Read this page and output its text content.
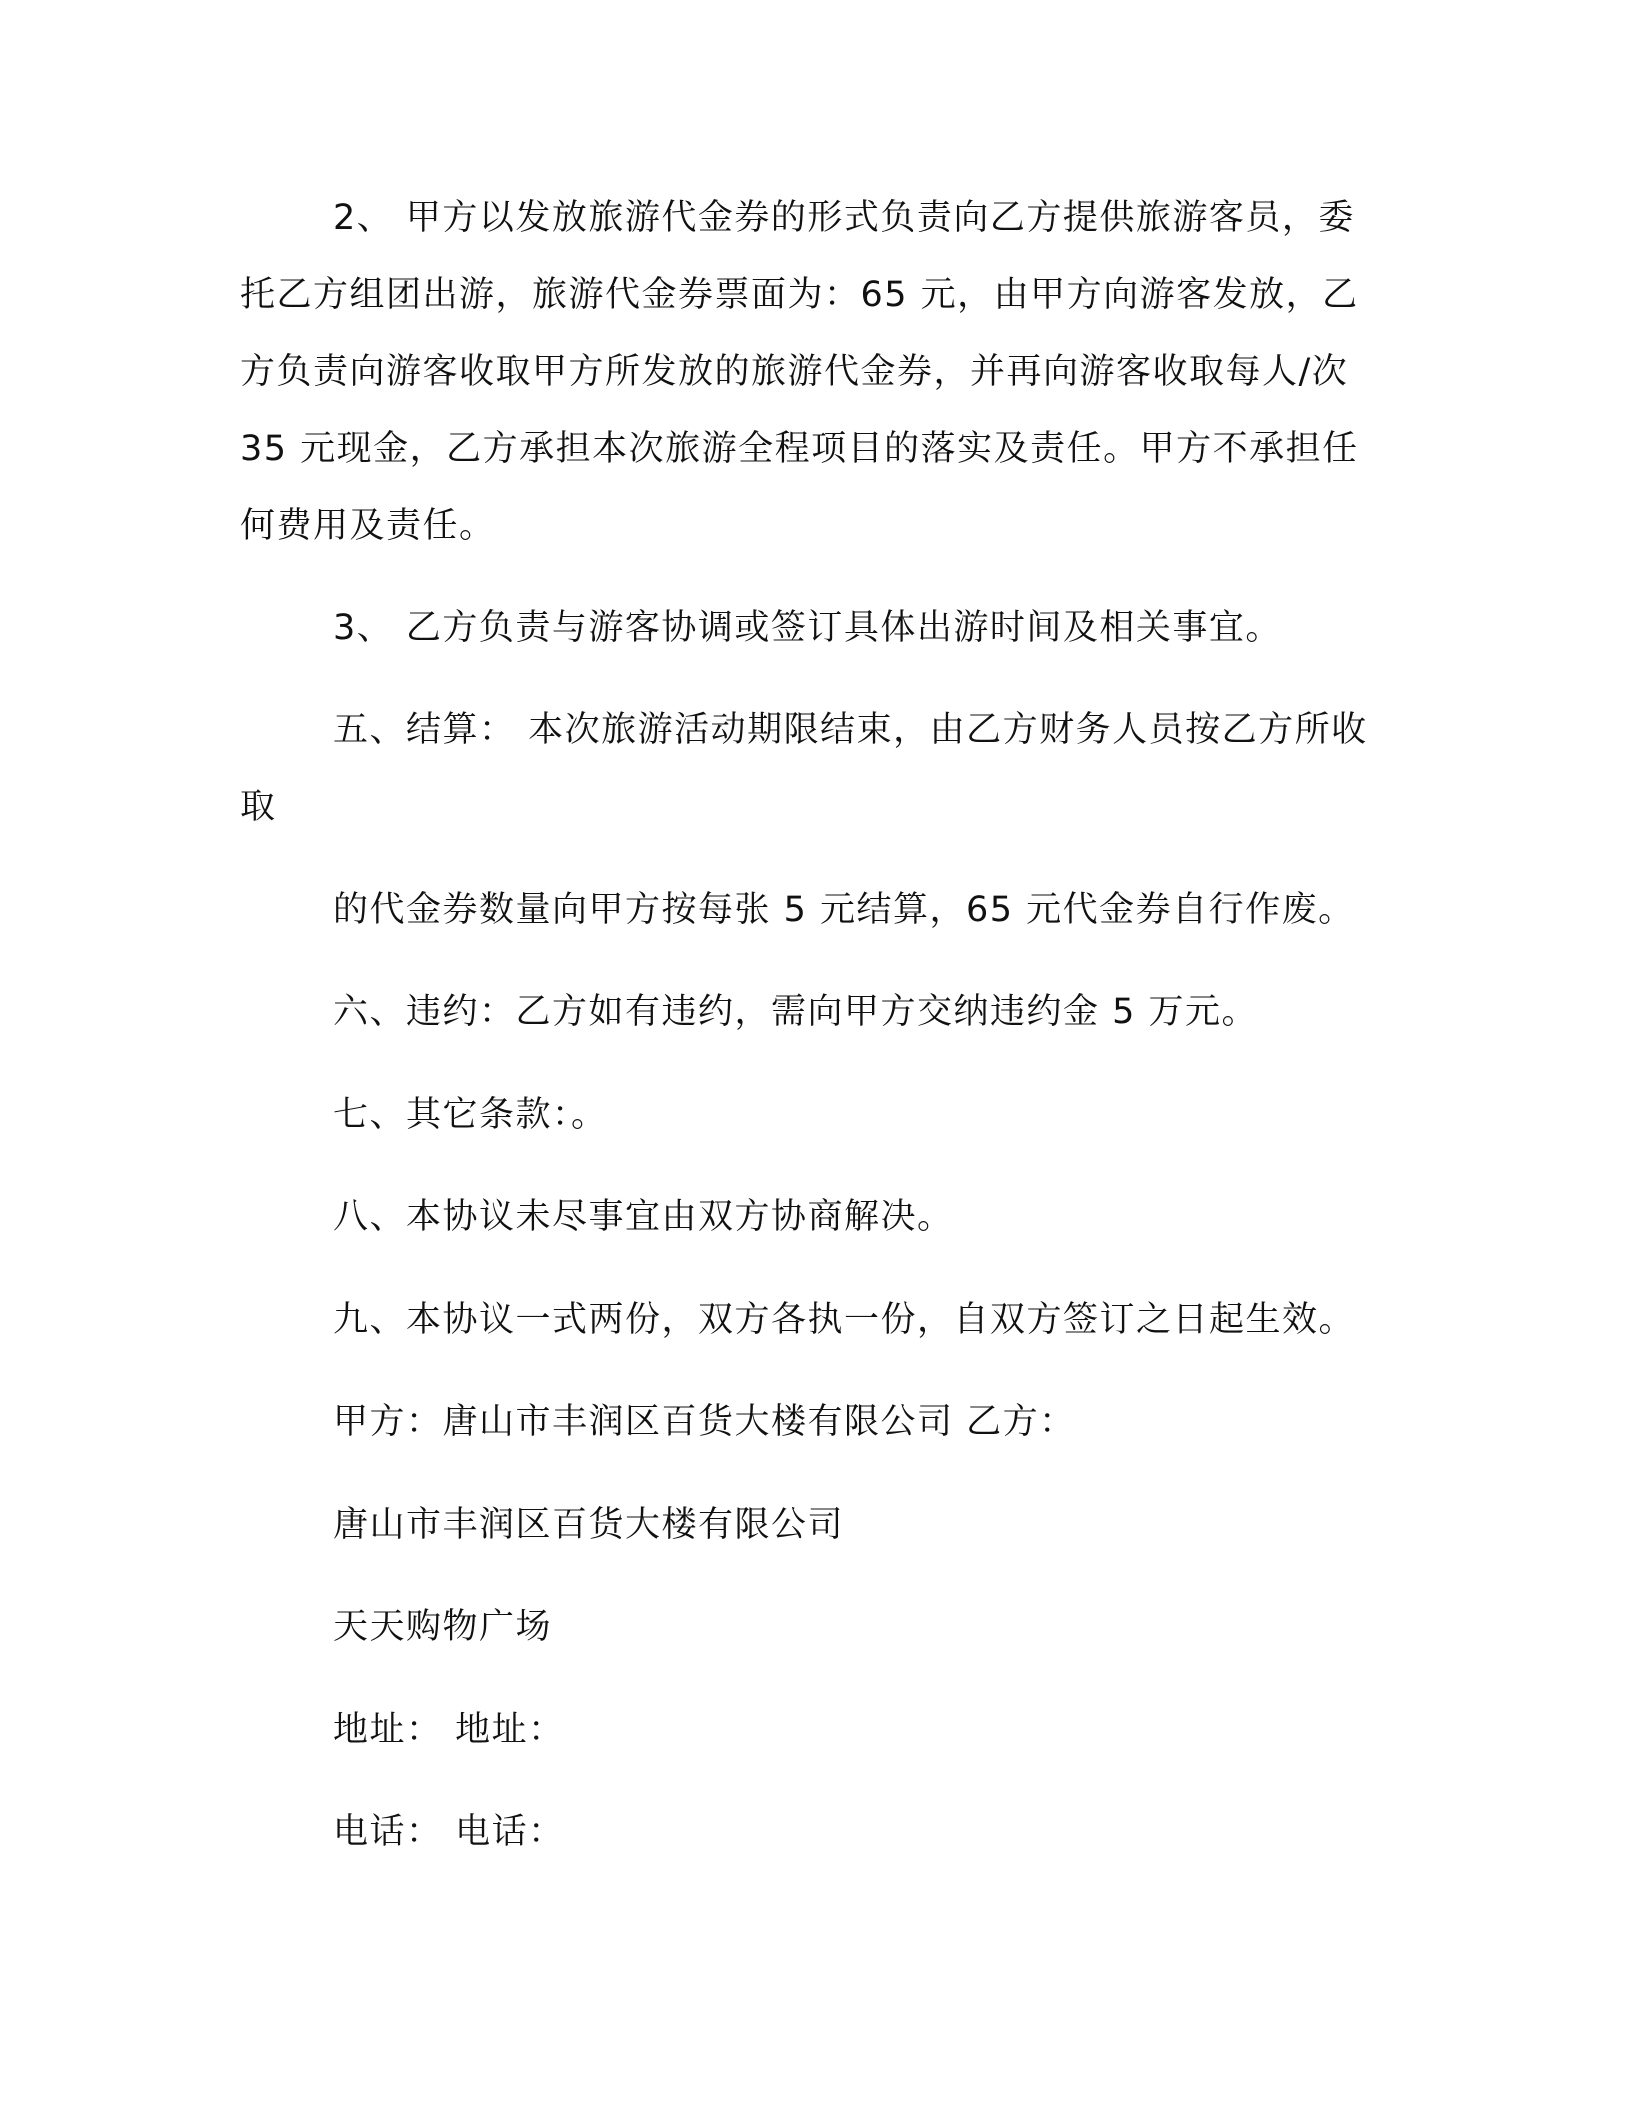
2、 甲方以发放旅游代金券的形式负责向乙方提供旅游客员，委
托乙方组团出游，旅游代金券票面为：65 元，由甲方向游客发放，乙
方负责向游客收取甲方所发放的旅游代金券，并再向游客收取每人/次
35 元现金，乙方承担本次旅游全程项目的落实及责任。甲方不承担任
何费用及责任。
3、 乙方负责与游客协调或签订具体出游时间及相关事宜。
五、结算： 本次旅游活动期限结束，由乙方财务人员按乙方所收
取
的代金券数量向甲方按每张 5 元结算，65 元代金券自行作废。
六、违约：乙方如有违约，需向甲方交纳违约金 5 万元。
七、其它条款：。
八、本协议未尽事宜由双方协商解决。
九、本协议一式两份，双方各执一份，自双方签订之日起生效。
甲方：唐山市丰润区百货大楼有限公司 乙方：
唐山市丰润区百货大楼有限公司
天天购物广场
地址： 地址：
电话： 电话：
